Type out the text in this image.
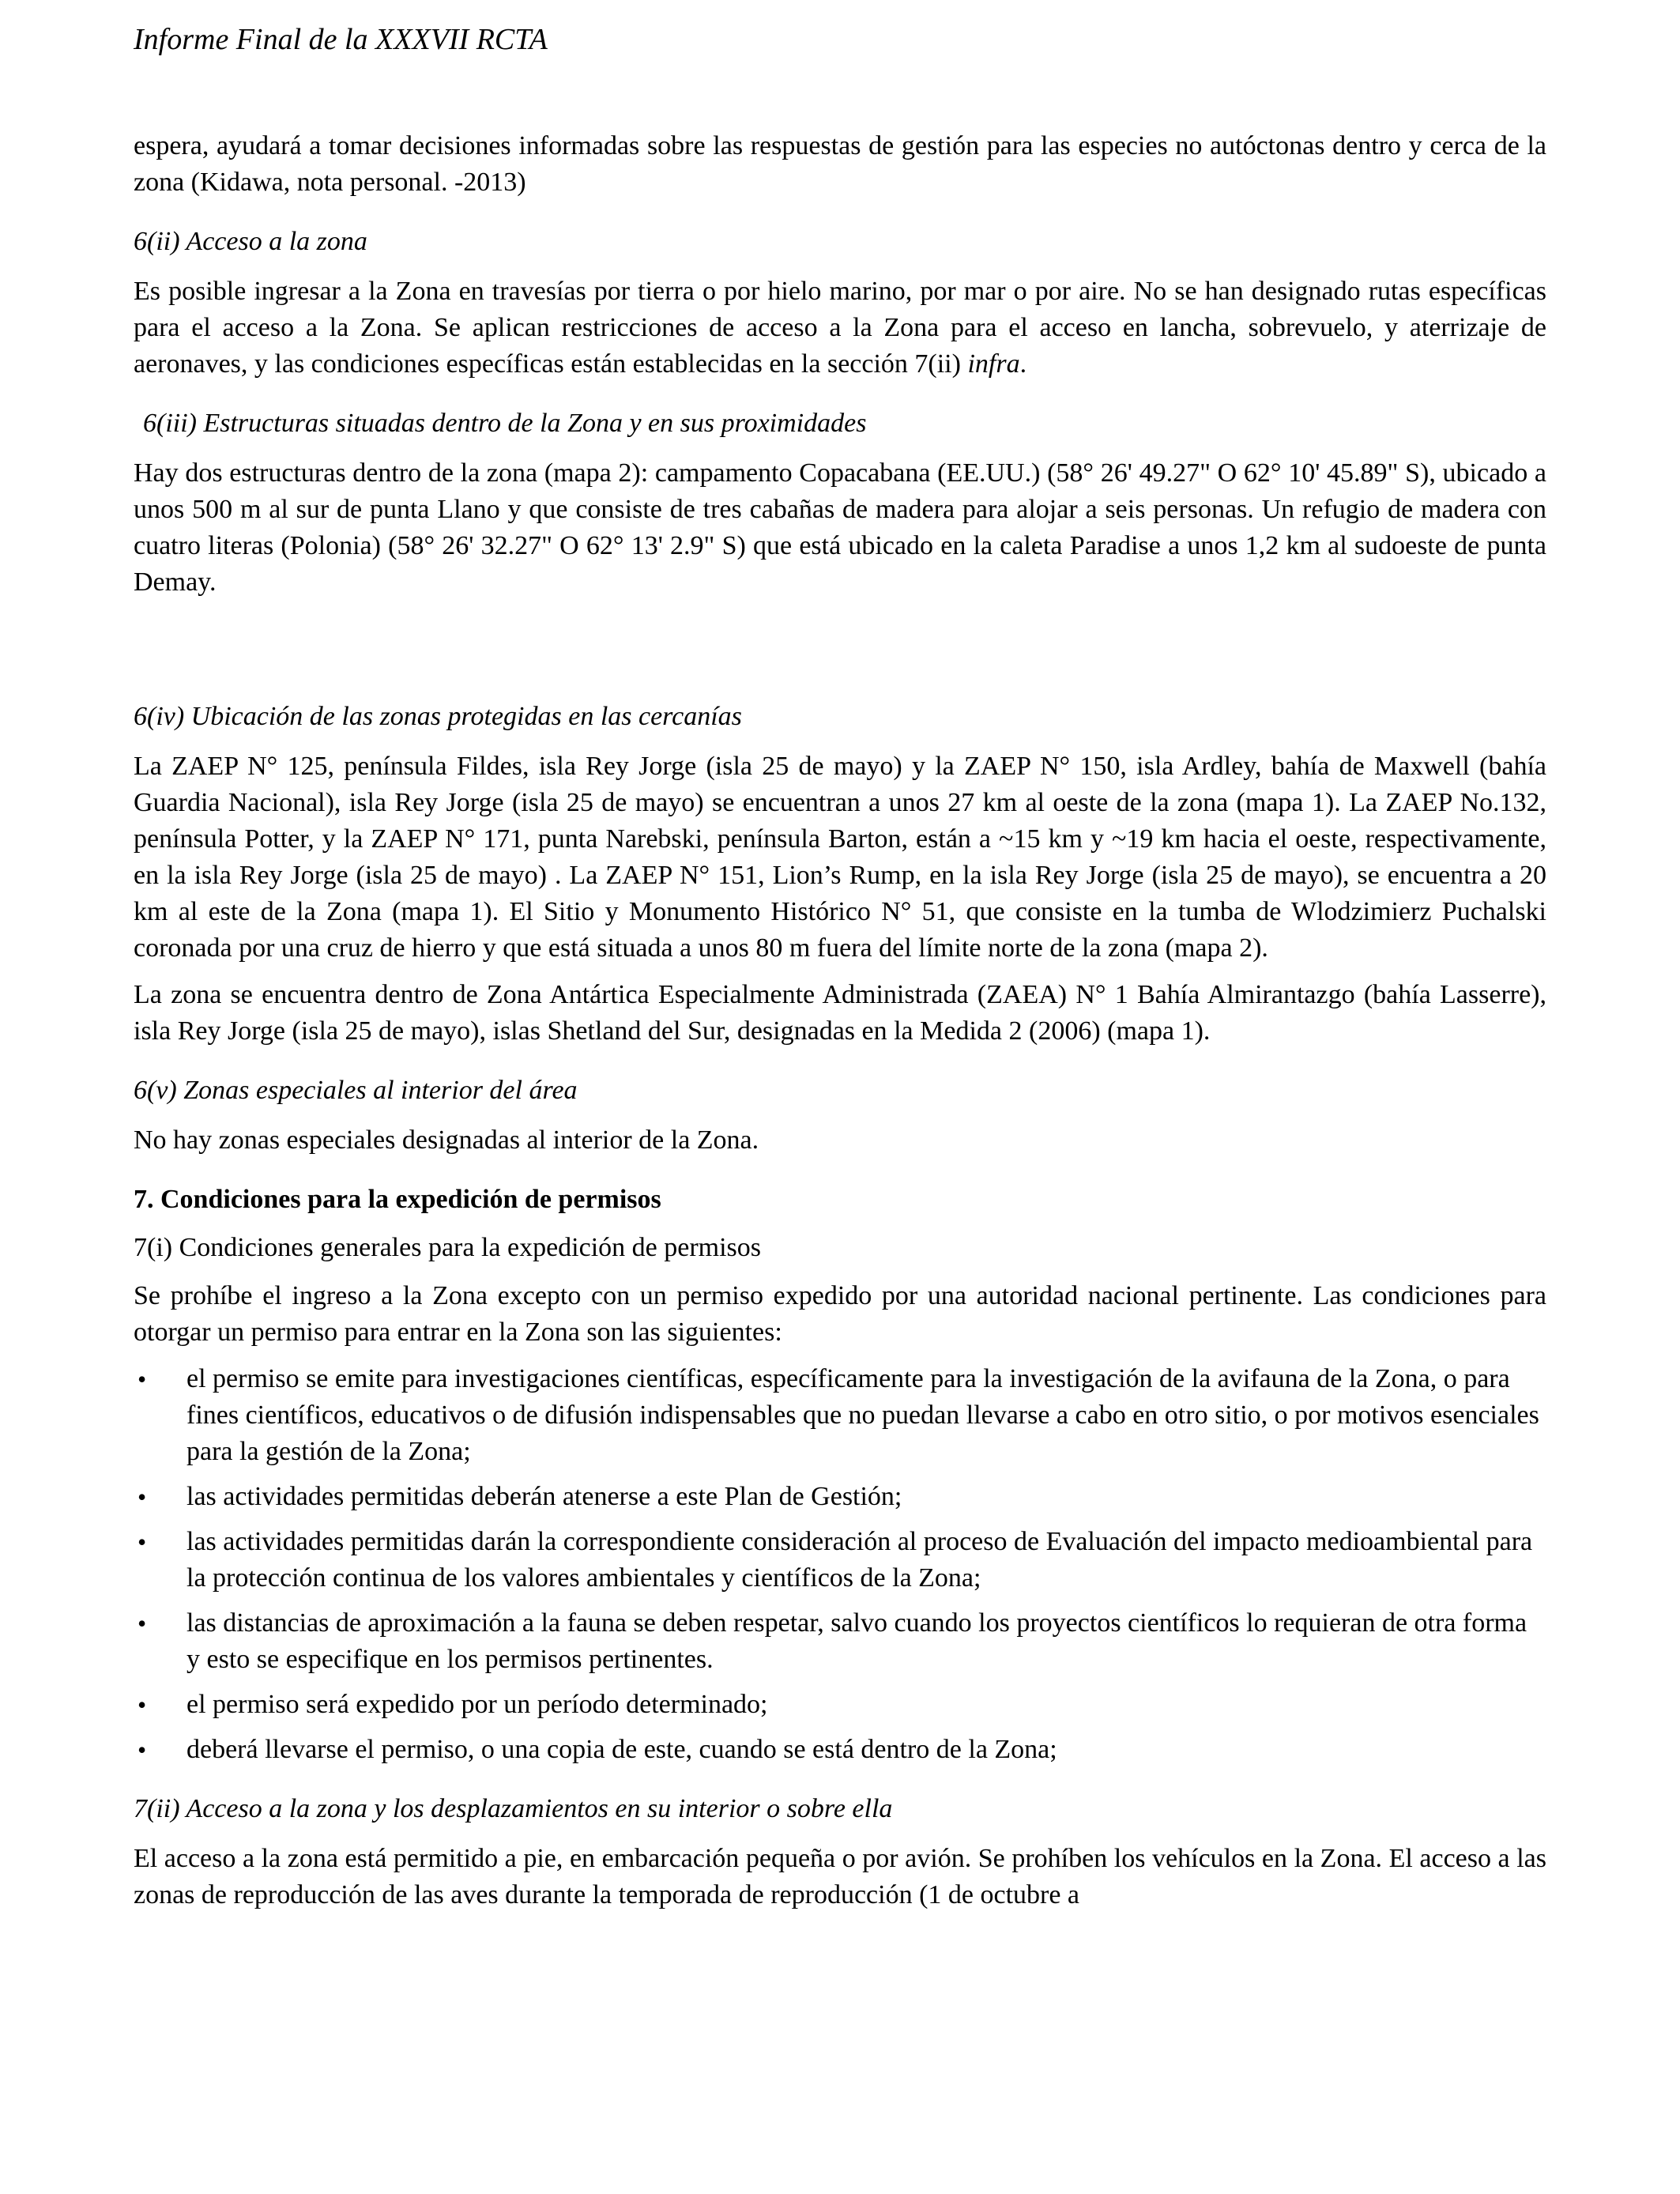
Informe Final de la XXXVII RCTA

espera, ayudará a tomar decisiones informadas sobre las respuestas de gestión para las especies no autóctonas dentro y cerca de la zona (Kidawa, nota personal. -2013)

6(ii) Acceso a la zona

Es posible ingresar a la Zona en travesías por tierra o por hielo marino, por mar o por aire. No se han designado rutas específicas para el acceso a la Zona. Se aplican restricciones de acceso a la Zona para el acceso en lancha, sobrevuelo, y aterrizaje de aeronaves, y las condiciones específicas están establecidas en la sección 7(ii) infra.

6(iii) Estructuras situadas dentro de la Zona y en sus proximidades

Hay dos estructuras dentro de la zona (mapa 2): campamento Copacabana (EE.UU.) (58° 26' 49.27" O 62° 10' 45.89" S), ubicado a unos 500 m al sur de punta Llano y que consiste de tres cabañas de madera para alojar a seis personas. Un refugio de madera con cuatro literas (Polonia) (58° 26' 32.27" O 62° 13' 2.9" S) que está ubicado en la caleta Paradise a unos 1,2 km al sudoeste de punta Demay.

6(iv) Ubicación de las zonas protegidas en las cercanías

La ZAEP N° 125, península Fildes, isla Rey Jorge (isla 25 de mayo) y la ZAEP N° 150, isla Ardley, bahía de Maxwell (bahía Guardia Nacional), isla Rey Jorge (isla 25 de mayo) se encuentran a unos 27 km al oeste de la zona (mapa 1). La ZAEP No.132, península Potter, y la ZAEP N° 171, punta Narebski, península Barton, están a ~15 km y ~19 km hacia el oeste, respectivamente, en la isla Rey Jorge (isla 25 de mayo) . La ZAEP N° 151, Lion’s Rump, en la isla Rey Jorge (isla 25 de mayo), se encuentra a 20 km al este de la Zona (mapa 1). El Sitio y Monumento Histórico N° 51, que consiste en la tumba de Wlodzimierz Puchalski coronada por una cruz de hierro y que está situada a unos 80 m fuera del límite norte de la zona (mapa 2).

La zona se encuentra dentro de Zona Antártica Especialmente Administrada (ZAEA) N° 1 Bahía Almirantazgo (bahía Lasserre), isla Rey Jorge (isla 25 de mayo), islas Shetland del Sur, designadas en la Medida 2 (2006) (mapa 1).

6(v) Zonas especiales al interior del área

No hay zonas especiales designadas al interior de la Zona.

7. Condiciones para la expedición de permisos
7(i) Condiciones generales para la expedición de permisos

Se prohíbe el ingreso a la Zona excepto con un permiso expedido por una autoridad nacional pertinente. Las condiciones para otorgar un permiso para entrar en la Zona son las siguientes:

• el permiso se emite para investigaciones científicas, específicamente para la investigación de la avifauna de la Zona, o para fines científicos, educativos o de difusión indispensables que no puedan llevarse a cabo en otro sitio, o por motivos esenciales para la gestión de la Zona;
• las actividades permitidas deberán atenerse a este Plan de Gestión;
• las actividades permitidas darán la correspondiente consideración al proceso de Evaluación del impacto medioambiental para la protección continua de los valores ambientales y científicos de la Zona;
• las distancias de aproximación a la fauna se deben respetar, salvo cuando los proyectos científicos lo requieran de otra forma y esto se especifique en los permisos pertinentes.
• el permiso será expedido por un período determinado;
• deberá llevarse el permiso, o una copia de este, cuando se está dentro de la Zona;
7(ii) Acceso a la zona y los desplazamientos en su interior o sobre ella

El acceso a la zona está permitido a pie, en embarcación pequeña o por avión. Se prohíben los vehículos en la Zona. El acceso a las zonas de reproducción de las aves durante la temporada de reproducción (1 de octubre a
